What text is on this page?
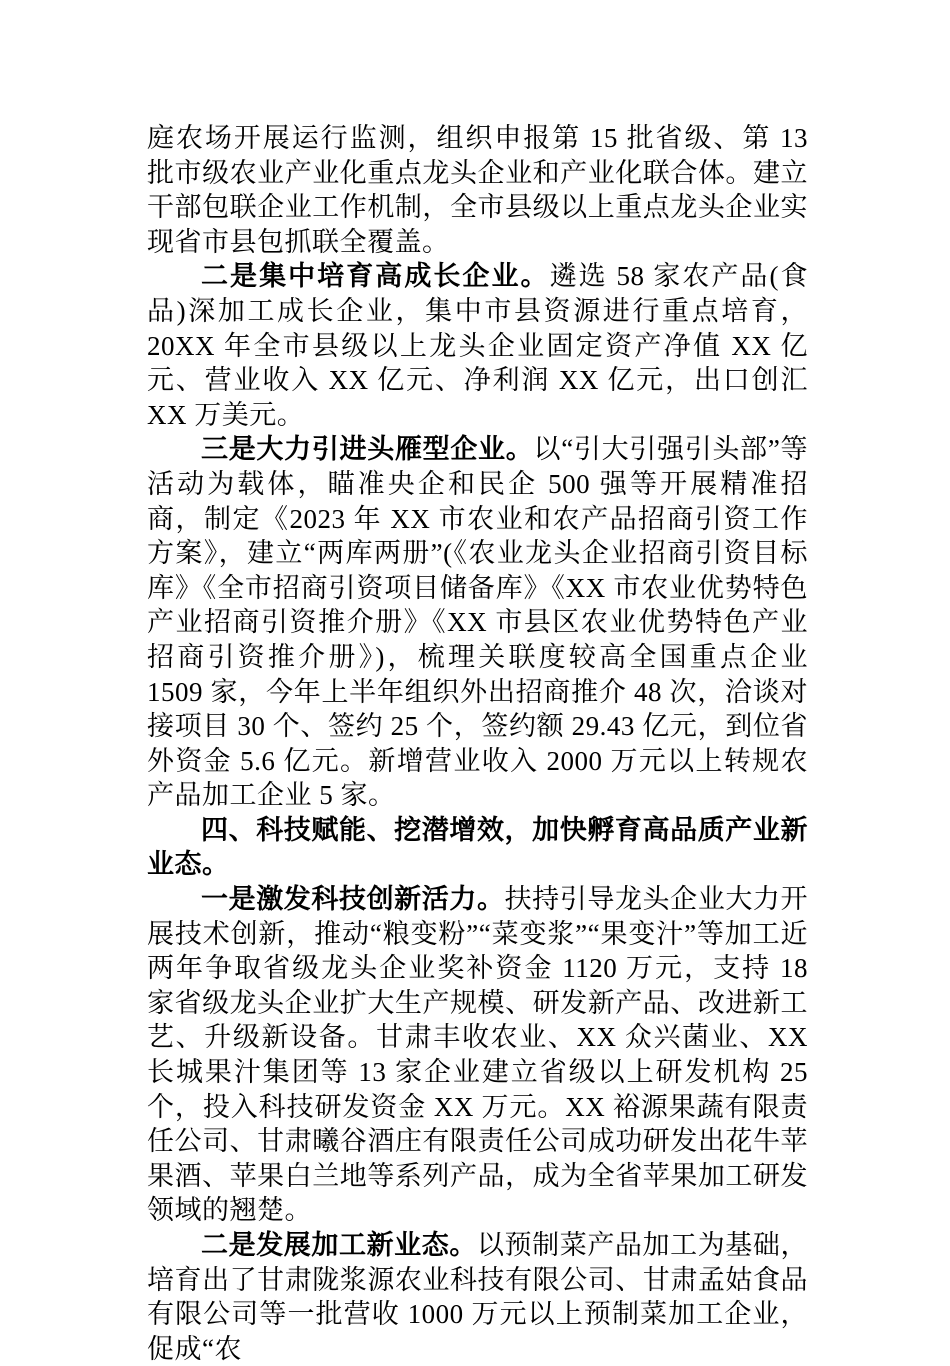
庭农场开展运行监测，组织申报第 15 批省级、第 13 批市级农业产业化重点龙头企业和产业化联合体。建立干部包联企业工作机制，全市县级以上重点龙头企业实现省市县包抓联全覆盖。

二是集中培育高成长企业。遴选 58 家农产品(食品)深加工成长企业，集中市县资源进行重点培育，20XX 年全市县级以上龙头企业固定资产净值 XX 亿元、营业收入 XX 亿元、净利润 XX 亿元，出口创汇 XX 万美元。

三是大力引进头雁型企业。以“引大引强引头部”等活动为载体，瞄准央企和民企 500 强等开展精准招商，制定《2023 年 XX 市农业和农产品招商引资工作方案》，建立“两库两册”(《农业龙头企业招商引资目标库》《全市招商引资项目储备库》《XX 市农业优势特色产业招商引资推介册》《XX 市县区农业优势特色产业招商引资推介册》)，梳理关联度较高全国重点企业 1509 家，今年上半年组织外出招商推介 48 次，洽谈对接项目 30 个、签约 25 个，签约额 29.43 亿元，到位省外资金 5.6 亿元。新增营业收入 2000 万元以上转规农产品加工企业 5 家。

四、科技赋能、挖潜增效，加快孵育高品质产业新业态。

一是激发科技创新活力。扶持引导龙头企业大力开展技术创新，推动“粮变粉”“菜变浆”“果变汁”等加工近两年争取省级龙头企业奖补资金 1120 万元，支持 18 家省级龙头企业扩大生产规模、研发新产品、改进新工艺、升级新设备。甘肃丰收农业、XX 众兴菌业、XX 长城果汁集团等 13 家企业建立省级以上研发机构 25 个，投入科技研发资金 XX 万元。XX 裕源果蔬有限责任公司、甘肃曦谷酒庄有限责任公司成功研发出花牛苹果酒、苹果白兰地等系列产品，成为全省苹果加工研发领域的翘楚。

二是发展加工新业态。以预制菜产品加工为基础，培育出了甘肃陇浆源农业科技有限公司、甘肃孟姑食品有限公司等一批营收 1000 万元以上预制菜加工企业，促成“农
